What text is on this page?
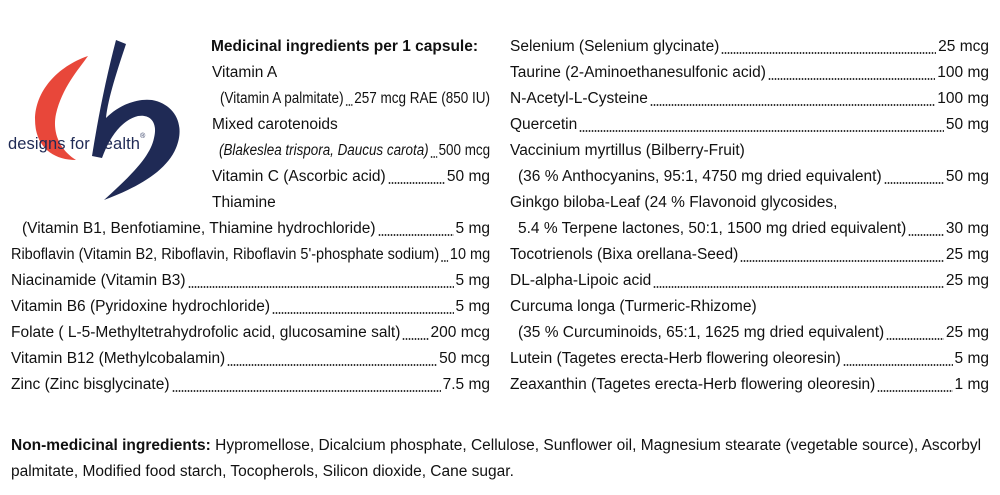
designs for health®
Medicinal ingredients per 1 capsule:
Vitamin A
(Vitamin A palmitate) 257 mcg RAE (850 IU)
Mixed carotenoids
(Blakeslea trispora, Daucus carota) 500 mcg
Vitamin C (Ascorbic acid)	50 mg
Thiamine
(Vitamin B1, Benfotiamine, Thiamine hydrochloride)	5 mg
Riboflavin (Vitamin B2, Riboflavin, Riboflavin 5'-phosphate sodium) 10 mg
Niacinamide (Vitamin B3)	5 mg
Vitamin B6 (Pyridoxine hydrochloride)	5 mg
Folate ( L-5-Methyltetrahydrofolic acid, glucosamine salt) 200 mcg
Vitamin B12 (Methylcobalamin)	50 mcg
Zinc (Zinc bisglycinate)	7.5 mg
Selenium (Selenium glycinate)	25 mcg
Taurine (2-Aminoethanesulfonic acid)	100 mg
N-Acetyl-L-Cysteine	100 mg
Quercetin	50 mg
Vaccinium myrtillus (Bilberry-Fruit)
(36 % Anthocyanins, 95:1, 4750 mg dried equivalent)	50 mg
Ginkgo biloba-Leaf (24 % Flavonoid glycosides,
5.4 % Terpene lactones, 50:1, 1500 mg dried equivalent)	30 mg
Tocotrienols (Bixa orellana-Seed)	25 mg
DL-alpha-Lipoic acid	25 mg
Curcuma longa (Turmeric-Rhizome)
(35 % Curcuminoids, 65:1, 1625 mg dried equivalent)	25 mg
Lutein (Tagetes erecta-Herb flowering oleoresin)	5 mg
Zeaxanthin (Tagetes erecta-Herb flowering oleoresin)	1 mg
Non-medicinal ingredients: Hypromellose, Dicalcium phosphate, Cellulose, Sunflower oil, Magnesium stearate (vegetable source), Ascorbyl palmitate, Modified food starch, Tocopherols, Silicon dioxide, Cane sugar.
